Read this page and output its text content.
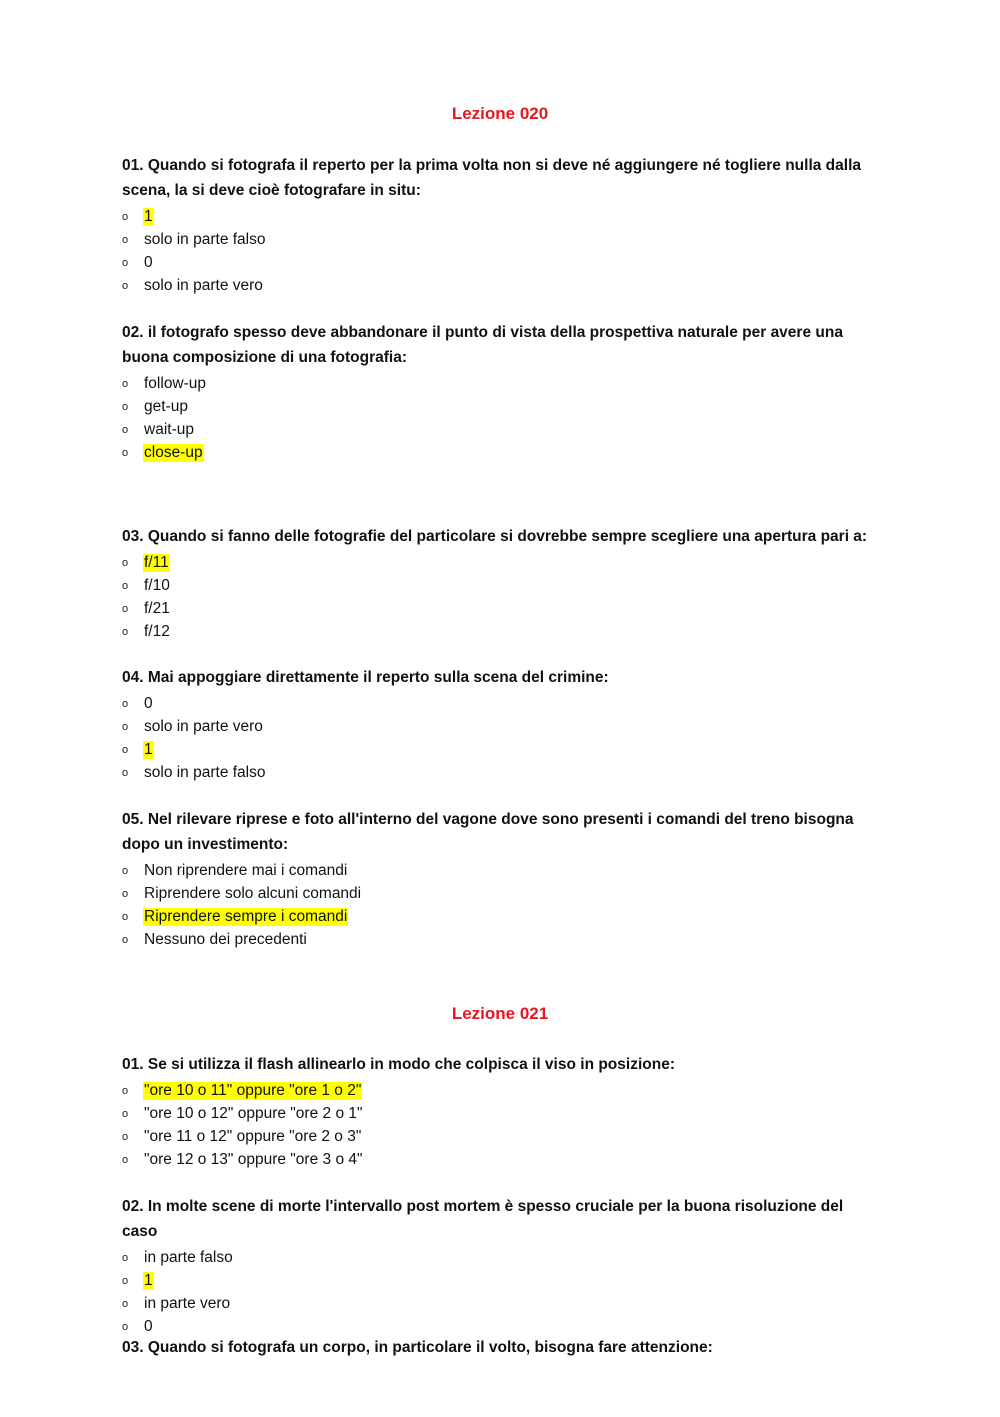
Lezione 020

01. Quando si fotografa il reperto per la prima volta non si deve né aggiungere né togliere nulla dalla scena, la si deve cioè fotografare in situ:

o	1
o	solo in parte falso
o	0
o	solo in parte vero

02. il fotografo spesso deve abbandonare il punto di vista della prospettiva naturale per avere una buona composizione di una fotografia:

o	follow-up
o	get-up
o	wait-up
o	close-up

03. Quando si fanno delle fotografie del particolare si dovrebbe sempre scegliere una apertura pari a:

o	f/11
o	f/10
o	f/21
o	f/12

04. Mai appoggiare direttamente il reperto sulla scena del crimine:

o	0
o	solo in parte vero
o	1
o	solo in parte falso

05. Nel rilevare riprese e foto all'interno del vagone dove sono presenti i comandi del treno bisogna dopo un investimento:

o	Non riprendere mai i comandi
o	Riprendere solo alcuni comandi
o	Riprendere sempre i comandi
o	Nessuno dei precedenti
Lezione 021

01. Se si utilizza il flash allinearlo in modo che colpisca il viso in posizione:

o	"ore 10 o 11" oppure "ore 1 o 2"
o	"ore 10 o 12" oppure "ore 2 o 1"
o	"ore 11 o 12" oppure "ore 2 o 3"
o	"ore 12 o 13" oppure "ore 3 o 4"

02. In molte scene di morte l'intervallo post mortem è spesso cruciale per la buona risoluzione del caso

o	in parte falso
o	1
o	in parte vero
o	0

03. Quando si fotografa un corpo, in particolare il volto, bisogna fare attenzione:
